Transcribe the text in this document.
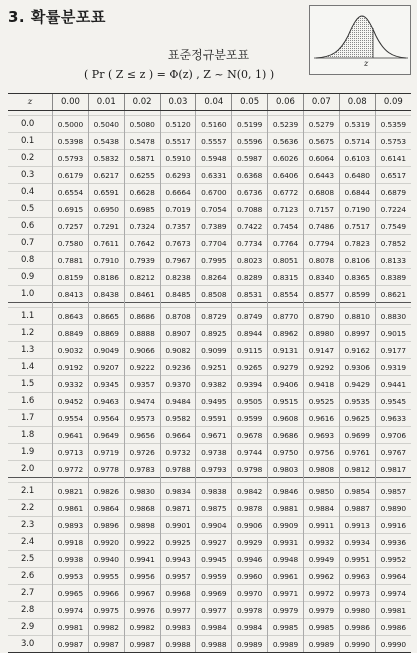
3. 확률분포표
z
표준정규분포표
( Pr ( Z ≤ z ) = Φ(z) , Z ~ N(0, 1) )
z	0.00	0.01	0.02	0.03	0.04	0.05	0.06	0.07	0.08	0.09

0.0	0.5000	0.5040	0.5080	0.5120	0.5160	0.5199	0.5239	0.5279	0.5319	0.5359
0.1	0.5398	0.5438	0.5478	0.5517	0.5557	0.5596	0.5636	0.5675	0.5714	0.5753
0.2	0.5793	0.5832	0.5871	0.5910	0.5948	0.5987	0.6026	0.6064	0.6103	0.6141
0.3	0.6179	0.6217	0.6255	0.6293	0.6331	0.6368	0.6406	0.6443	0.6480	0.6517
0.4	0.6554	0.6591	0.6628	0.6664	0.6700	0.6736	0.6772	0.6808	0.6844	0.6879
0.5	0.6915	0.6950	0.6985	0.7019	0.7054	0.7088	0.7123	0.7157	0.7190	0.7224
0.6	0.7257	0.7291	0.7324	0.7357	0.7389	0.7422	0.7454	0.7486	0.7517	0.7549
0.7	0.7580	0.7611	0.7642	0.7673	0.7704	0.7734	0.7764	0.7794	0.7823	0.7852
0.8	0.7881	0.7910	0.7939	0.7967	0.7995	0.8023	0.8051	0.8078	0.8106	0.8133
0.9	0.8159	0.8186	0.8212	0.8238	0.8264	0.8289	0.8315	0.8340	0.8365	0.8389
1.0	0.8413	0.8438	0.8461	0.8485	0.8508	0.8531	0.8554	0.8577	0.8599	0.8621

1.1	0.8643	0.8665	0.8686	0.8708	0.8729	0.8749	0.8770	0.8790	0.8810	0.8830
1.2	0.8849	0.8869	0.8888	0.8907	0.8925	0.8944	0.8962	0.8980	0.8997	0.9015
1.3	0.9032	0.9049	0.9066	0.9082	0.9099	0.9115	0.9131	0.9147	0.9162	0.9177
1.4	0.9192	0.9207	0.9222	0.9236	0.9251	0.9265	0.9279	0.9292	0.9306	0.9319
1.5	0.9332	0.9345	0.9357	0.9370	0.9382	0.9394	0.9406	0.9418	0.9429	0.9441
1.6	0.9452	0.9463	0.9474	0.9484	0.9495	0.9505	0.9515	0.9525	0.9535	0.9545
1.7	0.9554	0.9564	0.9573	0.9582	0.9591	0.9599	0.9608	0.9616	0.9625	0.9633
1.8	0.9641	0.9649	0.9656	0.9664	0.9671	0.9678	0.9686	0.9693	0.9699	0.9706
1.9	0.9713	0.9719	0.9726	0.9732	0.9738	0.9744	0.9750	0.9756	0.9761	0.9767
2.0	0.9772	0.9778	0.9783	0.9788	0.9793	0.9798	0.9803	0.9808	0.9812	0.9817

2.1	0.9821	0.9826	0.9830	0.9834	0.9838	0.9842	0.9846	0.9850	0.9854	0.9857
2.2	0.9861	0.9864	0.9868	0.9871	0.9875	0.9878	0.9881	0.9884	0.9887	0.9890
2.3	0.9893	0.9896	0.9898	0.9901	0.9904	0.9906	0.9909	0.9911	0.9913	0.9916
2.4	0.9918	0.9920	0.9922	0.9925	0.9927	0.9929	0.9931	0.9932	0.9934	0.9936
2.5	0.9938	0.9940	0.9941	0.9943	0.9945	0.9946	0.9948	0.9949	0.9951	0.9952
2.6	0.9953	0.9955	0.9956	0.9957	0.9959	0.9960	0.9961	0.9962	0.9963	0.9964
2.7	0.9965	0.9966	0.9967	0.9968	0.9969	0.9970	0.9971	0.9972	0.9973	0.9974
2.8	0.9974	0.9975	0.9976	0.9977	0.9977	0.9978	0.9979	0.9979	0.9980	0.9981
2.9	0.9981	0.9982	0.9982	0.9983	0.9984	0.9984	0.9985	0.9985	0.9986	0.9986
3.0	0.9987	0.9987	0.9987	0.9988	0.9988	0.9989	0.9989	0.9989	0.9990	0.9990
